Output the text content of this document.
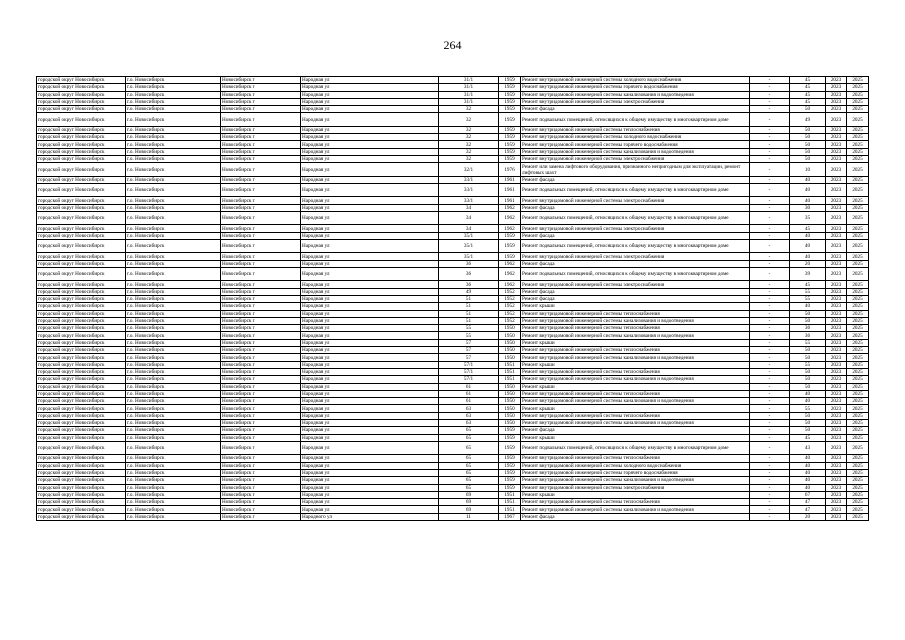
264
городской округ Новосибирск	г.о. Новосибирск	Новосибирск г	Народная ул	31/1	1959	Ремонт внутридомовой инженерной системы холодного водоснабжения	-	45	2023	2025
городской округ Новосибирск	г.о. Новосибирск	Новосибирск г	Народная ул	31/1	1959	Ремонт внутридомовой инженерной системы горячего водоснабжения	-	45	2023	2025
городской округ Новосибирск	г.о. Новосибирск	Новосибирск г	Народная ул	31/1	1959	Ремонт внутридомовой инженерной системы канализования и водоотведения	-	45	2023	2025
городской округ Новосибирск	г.о. Новосибирск	Новосибирск г	Народная ул	31/1	1959	Ремонт внутридомовой инженерной системы электроснабжения	-	45	2023	2025
городской округ Новосибирск	г.о. Новосибирск	Новосибирск г	Народная ул	32	1959	Ремонт фасада	-	50	2023	2025
городской округ Новосибирск	г.о. Новосибирск	Новосибирск г	Народная ул	32	1959	Ремонт подвальных помещений, относящихся к общему имуществу в многоквартирном доме	-	49	2023	2025
городской округ Новосибирск	г.о. Новосибирск	Новосибирск г	Народная ул	32	1959	Ремонт внутридомовой инженерной системы теплоснабжения	-	50	2023	2025
городской округ Новосибирск	г.о. Новосибирск	Новосибирск г	Народная ул	32	1959	Ремонт внутридомовой инженерной системы холодного водоснабжения	-	50	2023	2025
городской округ Новосибирск	г.о. Новосибирск	Новосибирск г	Народная ул	32	1959	Ремонт внутридомовой инженерной системы горячего водоснабжения	-	50	2023	2025
городской округ Новосибирск	г.о. Новосибирск	Новосибирск г	Народная ул	32	1959	Ремонт внутридомовой инженерной системы канализования и водоотведения	-	50	2023	2025
городской округ Новосибирск	г.о. Новосибирск	Новосибирск г	Народная ул	32	1959	Ремонт внутридомовой инженерной системы электроснабжения	-	50	2023	2025
городской округ Новосибирск	г.о. Новосибирск	Новосибирск г	Народная ул	32/1	1976	Ремонт или замена лифтового оборудования, признанного непригодным для эксплуатации, ремонт лифтовых шахт	-	10	2023	2025
городской округ Новосибирск	г.о. Новосибирск	Новосибирск г	Народная ул	33/1	1961	Ремонт фасада	-	40	2023	2025
городской округ Новосибирск	г.о. Новосибирск	Новосибирск г	Народная ул	33/1	1961	Ремонт подвальных помещений, относящихся к общему имуществу в многоквартирном доме	-	40	2023	2025
городской округ Новосибирск	г.о. Новосибирск	Новосибирск г	Народная ул	33/1	1961	Ремонт внутридомовой инженерной системы электроснабжения	-	40	2023	2025
городской округ Новосибирск	г.о. Новосибирск	Новосибирск г	Народная ул	34	1962	Ремонт фасада	-	30	2023	2025
городской округ Новосибирск	г.о. Новосибирск	Новосибирск г	Народная ул	34	1962	Ремонт подвальных помещений, относящихся к общему имуществу в многоквартирном доме	-	35	2023	2025
городской округ Новосибирск	г.о. Новосибирск	Новосибирск г	Народная ул	34	1962	Ремонт внутридомовой инженерной системы электроснабжения	-	45	2023	2025
городской округ Новосибирск	г.о. Новосибирск	Новосибирск г	Народная ул	35/1	1959	Ремонт фасада	-	40	2023	2025
городской округ Новосибирск	г.о. Новосибирск	Новосибирск г	Народная ул	35/1	1959	Ремонт подвальных помещений, относящихся к общему имуществу в многоквартирном доме	-	40	2023	2025
городской округ Новосибирск	г.о. Новосибирск	Новосибирск г	Народная ул	35/1	1959	Ремонт внутридомовой инженерной системы электроснабжения	-	40	2023	2025
городской округ Новосибирск	г.о. Новосибирск	Новосибирск г	Народная ул	36	1962	Ремонт фасада	-	20	2023	2025
городской округ Новосибирск	г.о. Новосибирск	Новосибирск г	Народная ул	36	1962	Ремонт подвальных помещений, относящихся к общему имуществу в многоквартирном доме	-	39	2023	2025
городской округ Новосибирск	г.о. Новосибирск	Новосибирск г	Народная ул	36	1962	Ремонт внутридомовой инженерной системы электроснабжения	-	45	2023	2025
городской округ Новосибирск	г.о. Новосибирск	Новосибирск г	Народная ул	49	1952	Ремонт фасада	-	55	2023	2025
городской округ Новосибирск	г.о. Новосибирск	Новосибирск г	Народная ул	51	1952	Ремонт фасада	-	55	2023	2025
городской округ Новосибирск	г.о. Новосибирск	Новосибирск г	Народная ул	51	1952	Ремонт крыши	-	40	2023	2025
городской округ Новосибирск	г.о. Новосибирск	Новосибирск г	Народная ул	51	1952	Ремонт внутридомовой инженерной системы теплоснабжения	-	50	2023	2025
городской округ Новосибирск	г.о. Новосибирск	Новосибирск г	Народная ул	51	1952	Ремонт внутридомовой инженерной системы канализования и водоотведения	-	50	2023	2025
городской округ Новосибирск	г.о. Новосибирск	Новосибирск г	Народная ул	55	1950	Ремонт внутридомовой инженерной системы теплоснабжения	-	36	2023	2025
городской округ Новосибирск	г.о. Новосибирск	Новосибирск г	Народная ул	55	1950	Ремонт внутридомовой инженерной системы канализования и водоотведения	-	36	2023	2025
городской округ Новосибирск	г.о. Новосибирск	Новосибирск г	Народная ул	57	1950	Ремонт крыши	-	55	2023	2025
городской округ Новосибирск	г.о. Новосибирск	Новосибирск г	Народная ул	57	1950	Ремонт внутридомовой инженерной системы теплоснабжения	-	50	2023	2025
городской округ Новосибирск	г.о. Новосибирск	Новосибирск г	Народная ул	57	1950	Ремонт внутридомовой инженерной системы канализования и водоотведения	-	50	2023	2025
городской округ Новосибирск	г.о. Новосибирск	Новосибирск г	Народная ул	57/1	1951	Ремонт крыши	-	55	2023	2025
городской округ Новосибирск	г.о. Новосибирск	Новосибирск г	Народная ул	57/1	1951	Ремонт внутридомовой инженерной системы теплоснабжения	-	50	2023	2025
городской округ Новосибирск	г.о. Новосибирск	Новосибирск г	Народная ул	57/1	1951	Ремонт внутридомовой инженерной системы канализования и водоотведения	-	50	2023	2025
городской округ Новосибирск	г.о. Новосибирск	Новосибирск г	Народная ул	61	1950	Ремонт крыши	-	50	2023	2025
городской округ Новосибирск	г.о. Новосибирск	Новосибирск г	Народная ул	61	1950	Ремонт внутридомовой инженерной системы теплоснабжения	-	40	2023	2025
городской округ Новосибирск	г.о. Новосибирск	Новосибирск г	Народная ул	61	1950	Ремонт внутридомовой инженерной системы канализования и водоотведения	-	40	2023	2025
городской округ Новосибирск	г.о. Новосибирск	Новосибирск г	Народная ул	63	1950	Ремонт крыши	-	55	2023	2025
городской округ Новосибирск	г.о. Новосибирск	Новосибирск г	Народная ул	63	1950	Ремонт внутридомовой инженерной системы теплоснабжения	-	50	2023	2025
городской округ Новосибирск	г.о. Новосибирск	Новосибирск г	Народная ул	63	1950	Ремонт внутридомовой инженерной системы канализования и водоотведения	-	50	2023	2025
городской округ Новосибирск	г.о. Новосибирск	Новосибирск г	Народная ул	65	1959	Ремонт фасада	-	50	2023	2025
городской округ Новосибирск	г.о. Новосибирск	Новосибирск г	Народная ул	65	1959	Ремонт крыши	-	45	2023	2025
городской округ Новосибирск	г.о. Новосибирск	Новосибирск г	Народная ул	65	1959	Ремонт подвальных помещений, относящихся к общему имуществу в многоквартирном доме	-	43	2023	2025
городской округ Новосибирск	г.о. Новосибирск	Новосибирск г	Народная ул	65	1959	Ремонт внутридомовой инженерной системы теплоснабжения	-	40	2023	2025
городской округ Новосибирск	г.о. Новосибирск	Новосибирск г	Народная ул	65	1959	Ремонт внутридомовой инженерной системы холодного водоснабжения	-	40	2023	2025
городской округ Новосибирск	г.о. Новосибирск	Новосибирск г	Народная ул	65	1959	Ремонт внутридомовой инженерной системы горячего водоснабжения	-	40	2023	2025
городской округ Новосибирск	г.о. Новосибирск	Новосибирск г	Народная ул	65	1959	Ремонт внутридомовой инженерной системы канализования и водоотведения	-	40	2023	2025
городской округ Новосибирск	г.о. Новосибирск	Новосибирск г	Народная ул	65	1959	Ремонт внутридомовой инженерной системы электроснабжения	-	40	2023	2025
городской округ Новосибирск	г.о. Новосибирск	Новосибирск г	Народная ул	69	1951	Ремонт крыши	-	67	2023	2025
городской округ Новосибирск	г.о. Новосибирск	Новосибирск г	Народная ул	69	1951	Ремонт внутридомовой инженерной системы теплоснабжения	-	47	2023	2025
городской округ Новосибирск	г.о. Новосибирск	Новосибирск г	Народная ул	69	1951	Ремонт внутридомовой инженерной системы канализования и водоотведения	-	47	2023	2025
городской округ Новосибирск	г.о. Новосибирск	Новосибирск г	Народного ул	11	1967	Ремонт фасада	-	20	2023	2025
